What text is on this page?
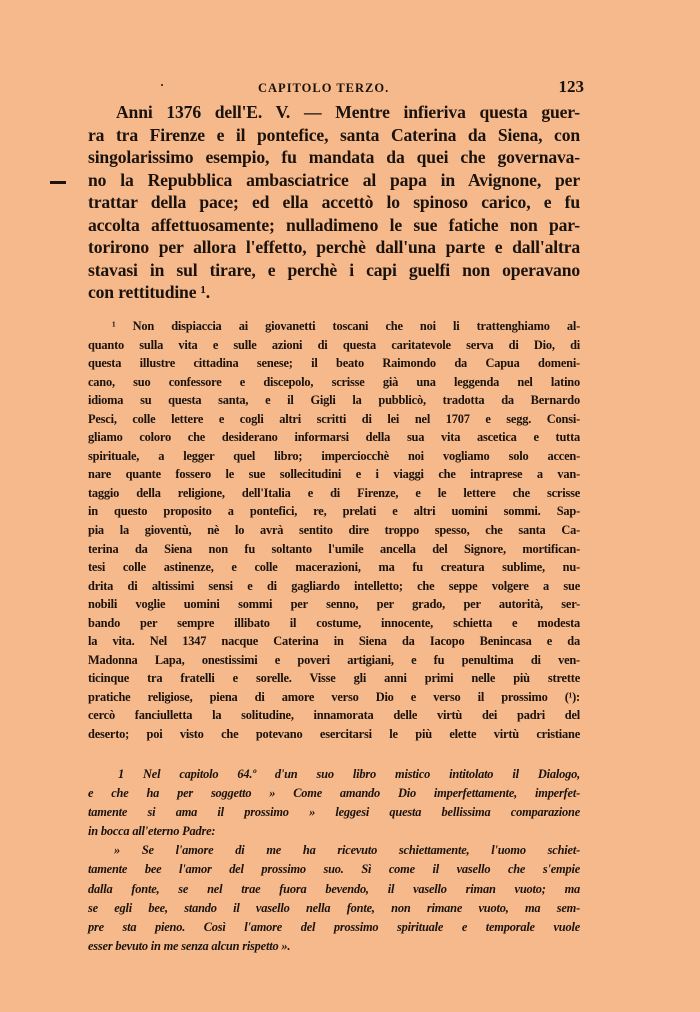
CAPITOLO TERZO.	123
Anni 1376 dell'E. V. — Mentre infieriva questa guer-
ra tra Firenze e il pontefice, santa Caterina da Siena, con
singolarissimo esempio, fu mandata da quei che governava-
no la Repubblica ambasciatrice al papa in Avignone, per
trattar della pace; ed ella accettò lo spinoso carico, e fu
accolta affettuosamente; nulladimeno le sue fatiche non par-
torirono per allora l'effetto, perchè dall'una parte e dall'altra
stavasi in sul tirare, e perchè i capi guelfi non operavano
con rettitudine ¹.
¹ Non dispiaccia ai giovanetti toscani che noi li trattenghiamo al-
quanto sulla vita e sulle azioni di questa caritatevole serva di Dio, di
questa illustre cittadina senese; il beato Raimondo da Capua domeni-
cano, suo confessore e discepolo, scrisse già una leggenda nel latino
idioma su questa santa, e il Gigli la pubblicò, tradotta da Bernardo
Pesci, colle lettere e cogli altri scritti di lei nel 1707 e segg. Consi-
gliamo coloro che desiderano informarsi della sua vita ascetica e tutta
spirituale, a legger quel libro; imperciocchè noi vogliamo solo accen-
nare quante fossero le sue sollecitudini e i viaggi che intraprese a van-
taggio della religione, dell'Italia e di Firenze, e le lettere che scrisse
in questo proposito a pontefici, re, prelati e altri uomini sommi. Sap-
pia la gioventù, nè lo avrà sentito dire troppo spesso, che santa Ca-
terina da Siena non fu soltanto l'umile ancella del Signore, mortifican-
tesi colle astinenze, e colle macerazioni, ma fu creatura sublime, nu-
drita di altissimi sensi e di gagliardo intelletto; che seppe volgere a sue
nobili voglie uomini sommi per senno, per grado, per autorità, ser-
bando per sempre illibato il costume, innocente, schietta e modesta
la vita. Nel 1347 nacque Caterina in Siena da Iacopo Benincasa e da
Madonna Lapa, onestissimi e poveri artigiani, e fu penultima di ven-
ticinque tra fratelli e sorelle. Visse gli anni primi nelle più strette
pratiche religiose, piena di amore verso Dio e verso il prossimo (¹):
cercò fanciulletta la solitudine, innamorata delle virtù dei padri del
deserto; poi visto che potevano esercitarsi le più elette virtù cristiane
1 Nel capitolo 64.º d'un suo libro mistico intitolato il Dialogo,
e che ha per soggetto » Come amando Dio imperfettamente, imperfet-
tamente si ama il prossimo » leggesi questa bellissima comparazione
in bocca all'eterno Padre:
» Se l'amore di me ha ricevuto schiettamente, l'uomo schiet-
tamente bee l'amor del prossimo suo. Sì come il vasello che s'empie
dalla fonte, se nel trae fuora bevendo, il vasello riman vuoto; ma
se egli bee, stando il vasello nella fonte, non rimane vuoto, ma sem-
pre sta pieno. Così l'amore del prossimo spirituale e temporale vuole
esser bevuto in me senza alcun rispetto ».
